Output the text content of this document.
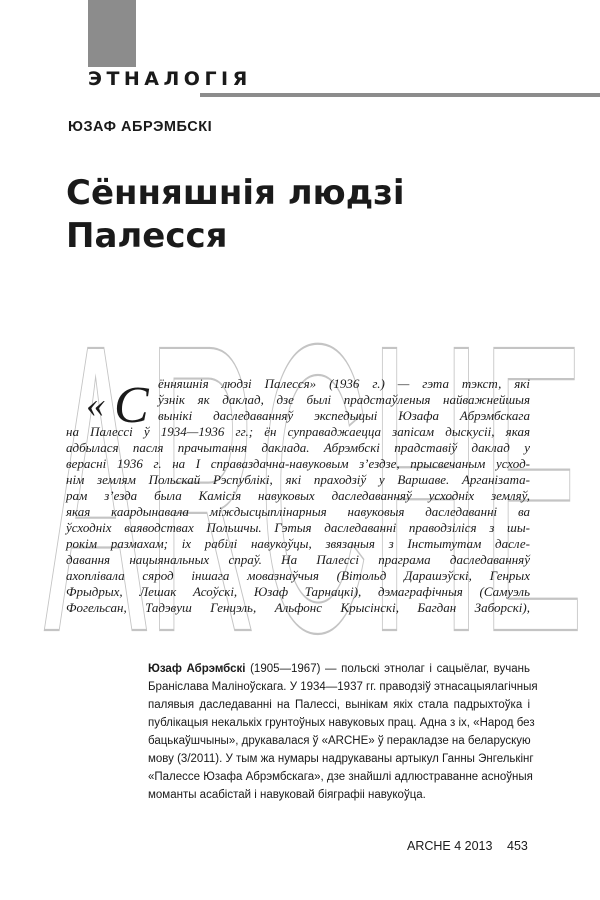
ЭТНАЛОГІЯ
ЮЗАФ АБРЭМБСКІ
Сённяшнія людзі
Палесся
ARCHE
« С ённяшнія людзі Палесся» (1936 г.) — гэта тэкст, які
ўзнік як даклад, дзе былі прадстаўленыя найважнейшыя
вынікі даследаванняў экспедыцыі Юзафа Абрэмбскага
на Палессі ў 1934—1936 гг.; ён суправаджаецца запісам дыскусіі, якая
адбылася пасля прачытання даклада. Абрэмбскі прадставіў даклад у
верасні 1936 г. на I справаздачна-навуковым з’ездзе, прысвечаным усход-
нім землям Польскай Рэспублікі, які праходзіў у Варшаве. Арганізата-
рам з’езда была Камісія навуковых даследаванняў усходніх земляў,
якая каардынавала міждысцыплінарныя навуковыя даследаванні ва
ўсходніх ваяводствах Польшчы. Гэтыя даследаванні праводзіліся з шы-
рокім размахам; іх рабілі навукоўцы, звязаныя з Інстытутам дасле-
давання нацыянальных спраў. На Палессі праграма даследаванняў
ахоплівала сярод іншага мовазнаўчыя (Вітольд Дарашэўскі, Генрых
Фрыдрых, Лешак Асоўскі, Юзаф Тарнацкі), дэмаграфічныя (Самуэль
Фогельсан, Тадэвуш Генцэль, Альфонс Крысінскі, Багдан Заборскі),
Юзаф Абрэмбскі (1905—1967) — польскі этнолаг і сацыёлаг, вучань
Браніслава Маліноўскага. У 1934—1937 гг. праводзіў этнасацыялагічныя
палявыя даследаванні на Палессі, вынікам якіх стала падрыхтоўка і
публікацыя некалькіх грунтоўных навуковых прац. Адна з іх, «Народ без
бацькаўшчыны», друкавалася ў «ARCHE» ў перакладзе на беларускую
мову (3/2011). У тым жа нумары надрукаваны артыкул Ганны Энгелькінг
«Палессе Юзафа Абрэмбскага», дзе знайшлі адлюстраванне асноўныя
моманты асабістай і навуковай біяграфіі навукоўца.
ARCHE 4 2013 453
